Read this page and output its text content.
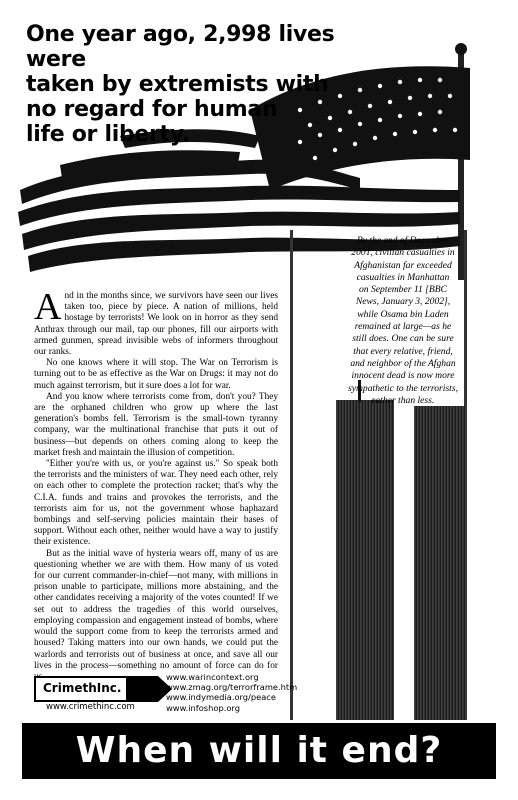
One year ago, 2,998 lives were
taken by extremists with
no regard for human
life or liberty.
By the end of December
2001, civilian casualties in
Afghanistan far exceeded
casualties in Manhattan
on September 11 [BBC
News, January 3, 2002],
while Osama bin Laden
remained at large—as he
still does. One can be sure
that every relative, friend,
and neighbor of the Afghan
innocent dead is now more
sympathetic to the terrorists,
rather than less.

And in the months since, we survivors have seen our lives taken too, piece by piece. A nation of millions, held hostage by terrorists! We look on in horror as they send Anthrax through our mail, tap our phones, fill our airports with armed gunmen, spread invisible webs of informers throughout our ranks.

No one knows where it will stop. The War on Terrorism is turning out to be as effective as the War on Drugs: it may not do much against terrorism, but it sure does a lot for war.

And you know where terrorists come from, don't you? They are the orphaned children who grow up where the last generation's bombs fell. Terrorism is the small-town tyranny company, war the multinational franchise that puts it out of business—but depends on others coming along to keep the market fresh and maintain the illusion of competition.

"Either you're with us, or you're against us." So speak both the terrorists and the ministers of war. They need each other, rely on each other to complete the protection racket; that's why the C.I.A. funds and trains and provokes the terrorists, and the terrorists aim for us, not the government whose haphazard bombings and self-serving policies maintain their bases of support. Without each other, neither would have a way to justify their existence.

But as the initial wave of hysteria wears off, many of us are questioning whether we are with them. How many of us voted for our current commander-in-chief—not many, with millions in prison unable to participate, millions more abstaining, and the other candidates receiving a majority of the votes counted! If we set out to address the tragedies of this world ourselves, employing compassion and engagement instead of bombs, where would the support come from to keep the terrorists armed and housed? Taking matters into our own hands, we could put the warlords and terrorists out of business at once, and save all our lives in the process—something no amount of force can do for

CrimethInc.
www.crimethinc.com
www.warincontext.org
www.zmag.org/terrorframe.htm
www.indymedia.org/peace
www.infoshop.org
When will it end?
